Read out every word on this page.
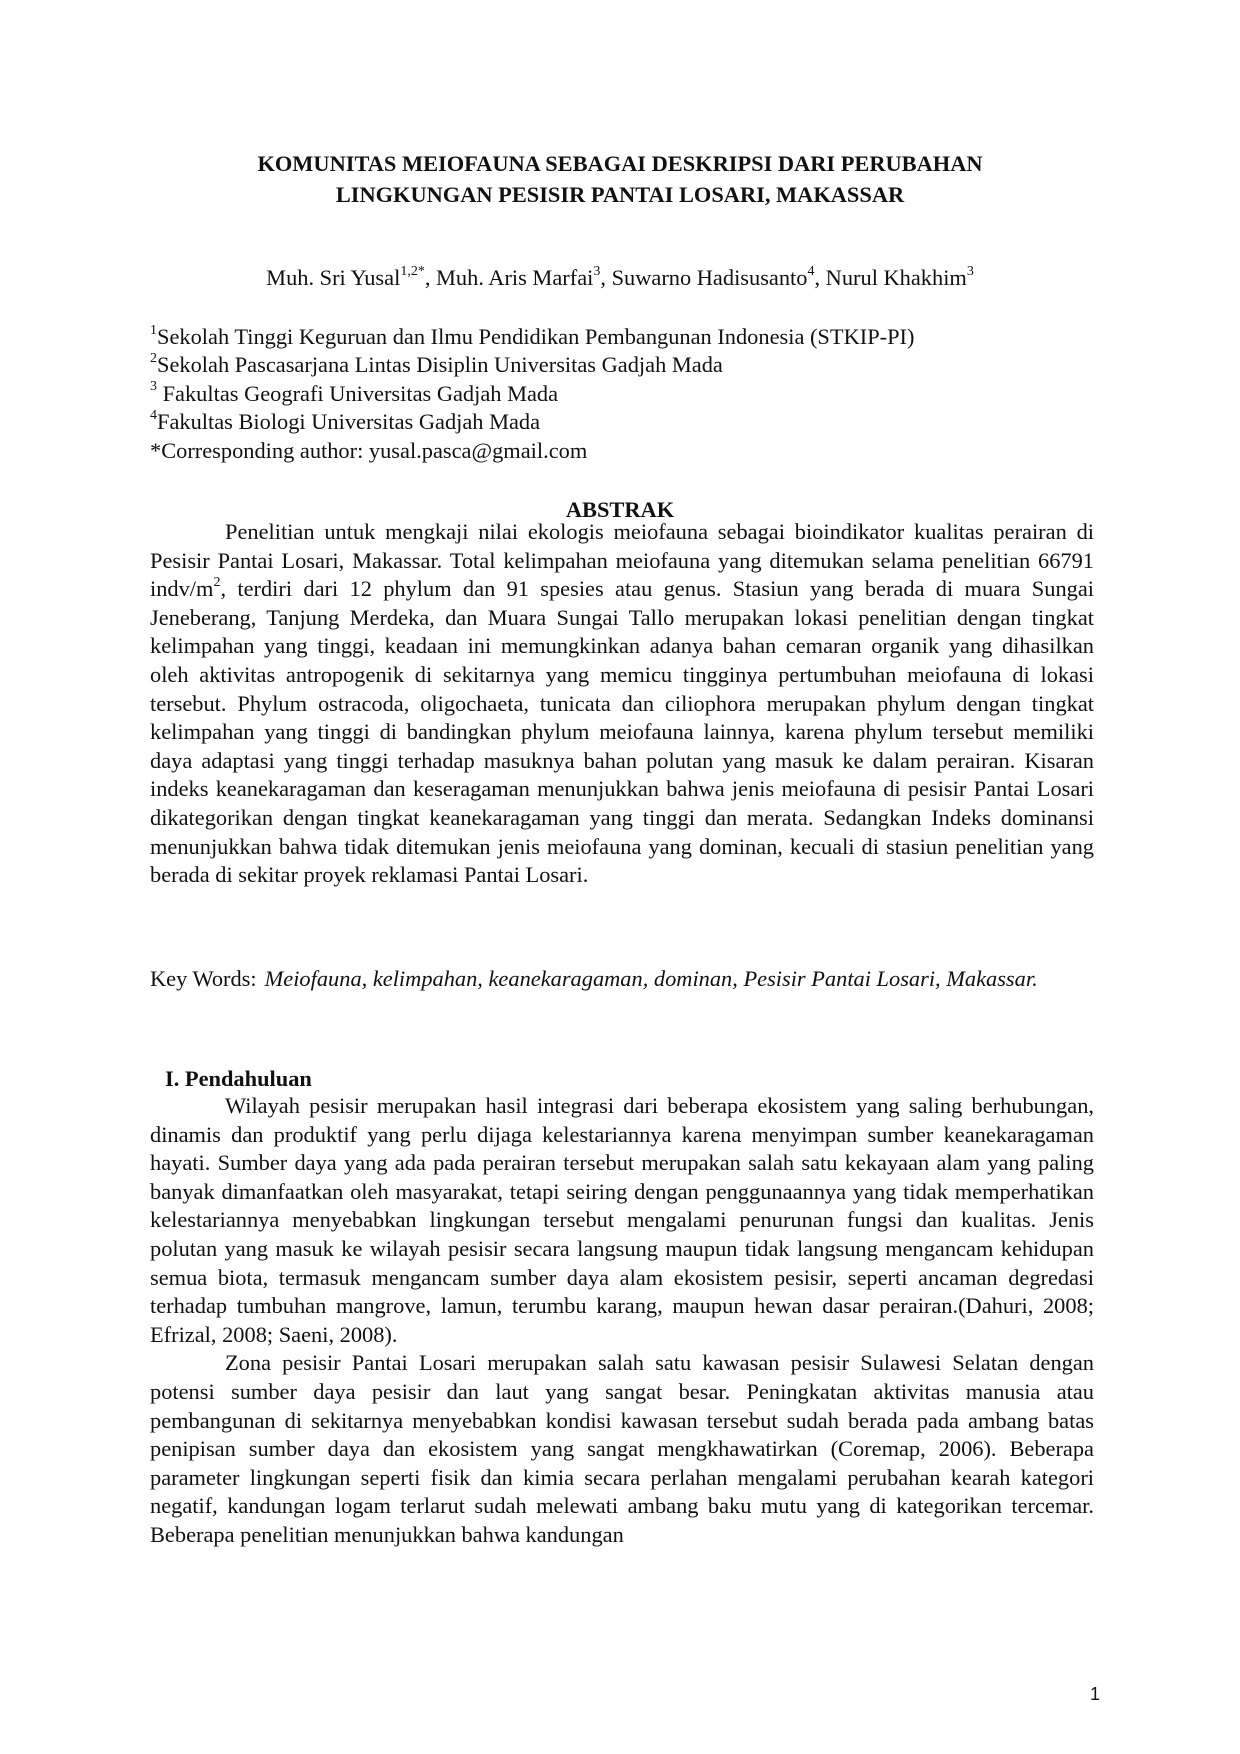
KOMUNITAS MEIOFAUNA SEBAGAI DESKRIPSI DARI PERUBAHAN
LINGKUNGAN PESISIR PANTAI LOSARI, MAKASSAR
Muh. Sri Yusal$^{1,2*}$, Muh. Aris Marfai$^3$, Suwarno Hadisusanto$^4$, Nurul Khakhim$^3$
$^1$Sekolah Tinggi Keguruan dan Ilmu Pendidikan Pembangunan Indonesia (STKIP-PI)
$^2$Sekolah Pascasarjana Lintas Disiplin Universitas Gadjah Mada
$^3$ Fakultas Geografi Universitas Gadjah Mada
$^4$Fakultas Biologi Universitas Gadjah Mada
*Corresponding author: yusal.pasca@gmail.com
ABSTRAK

Penelitian untuk mengkaji nilai ekologis meiofauna sebagai bioindikator kualitas perairan di Pesisir Pantai Losari, Makassar. Total kelimpahan meiofauna yang ditemukan selama penelitian 66791 indv/$m^2$, terdiri dari 12 phylum dan 91 spesies atau genus. Stasiun yang berada di muara Sungai Jeneberang, Tanjung Merdeka, dan Muara Sungai Tallo merupakan lokasi penelitian dengan tingkat kelimpahan yang tinggi, keadaan ini memungkinkan adanya bahan cemaran organik yang dihasilkan oleh aktivitas antropogenik di sekitarnya yang memicu tingginya pertumbuhan meiofauna di lokasi tersebut. Phylum ostracoda, oligochaeta, tunicata dan ciliophora merupakan phylum dengan tingkat kelimpahan yang tinggi di bandingkan phylum meiofauna lainnya, karena phylum tersebut memiliki daya adaptasi yang tinggi terhadap masuknya bahan polutan yang masuk ke dalam perairan. Kisaran indeks keanekaragaman dan keseragaman menunjukkan bahwa jenis meiofauna di pesisir Pantai Losari dikategorikan dengan tingkat keanekaragaman yang tinggi dan merata. Sedangkan Indeks dominansi menunjukkan bahwa tidak ditemukan jenis meiofauna yang dominan, kecuali di stasiun penelitian yang berada di sekitar proyek reklamasi Pantai Losari.

Key Words: Meiofauna, kelimpahan, keanekaragaman, dominan, Pesisir Pantai Losari, Makassar.
I. Pendahuluan

Wilayah pesisir merupakan hasil integrasi dari beberapa ekosistem yang saling berhubungan, dinamis dan produktif yang perlu dijaga kelestariannya karena menyimpan sumber keanekaragaman hayati. Sumber daya yang ada pada perairan tersebut merupakan salah satu kekayaan alam yang paling banyak dimanfaatkan oleh masyarakat, tetapi seiring dengan penggunaannya yang tidak memperhatikan kelestariannya menyebabkan lingkungan tersebut mengalami penurunan fungsi dan kualitas. Jenis polutan yang masuk ke wilayah pesisir secara langsung maupun tidak langsung mengancam kehidupan semua biota, termasuk mengancam sumber daya alam ekosistem pesisir, seperti ancaman degredasi terhadap tumbuhan mangrove, lamun, terumbu karang, maupun hewan dasar perairan.(Dahuri, 2008; Efrizal, 2008; Saeni, 2008).

Zona pesisir Pantai Losari merupakan salah satu kawasan pesisir Sulawesi Selatan dengan potensi sumber daya pesisir dan laut yang sangat besar. Peningkatan aktivitas manusia atau pembangunan di sekitarnya menyebabkan kondisi kawasan tersebut sudah berada pada ambang batas penipisan sumber daya dan ekosistem yang sangat mengkhawatirkan (Coremap, 2006). Beberapa parameter lingkungan seperti fisik dan kimia secara perlahan mengalami perubahan kearah kategori negatif, kandungan logam terlarut sudah melewati ambang baku mutu yang di kategorikan tercemar. Beberapa penelitian menunjukkan bahwa kandungan

1
